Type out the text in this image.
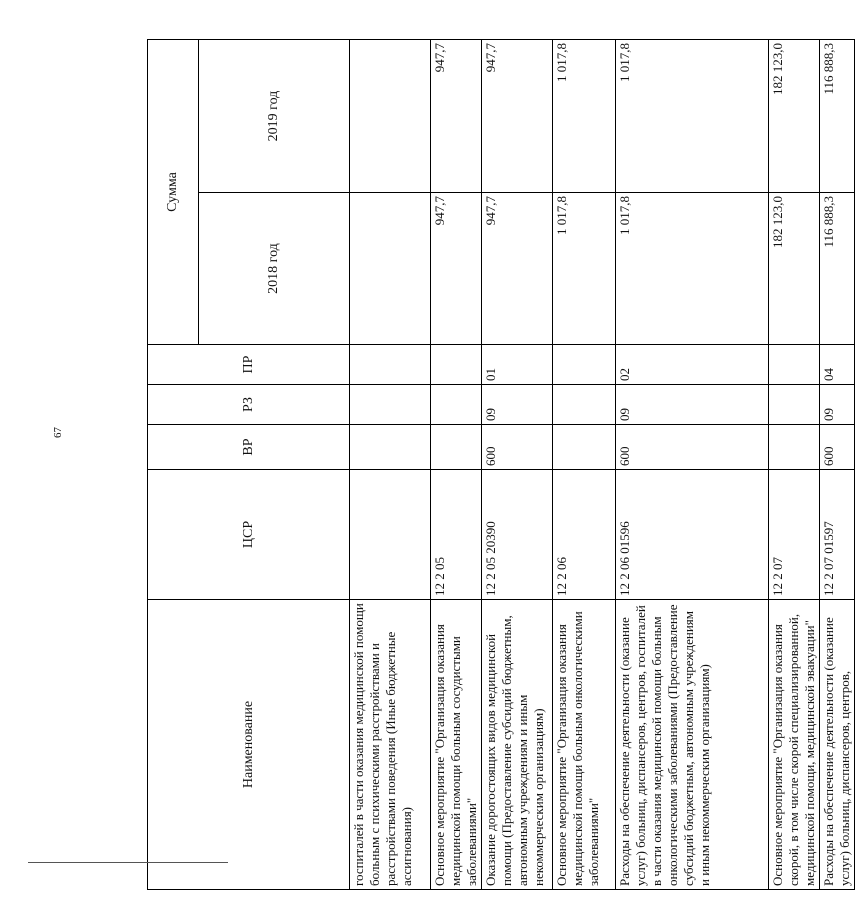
67
Наименование	ЦСР	ВР	РЗ	ПР	Сумма	
					2018 год	2019 год
госпиталей в части оказания медицинской помощи больным с психическими расстройствами и расстройствами поведения (Иные бюджетные ассигнования)						
Основное мероприятие "Организация оказания медицинской помощи больным сосудистыми заболеваниями"	12 2 05				947,7	947,7
Оказание дорогостоящих видов медицинской помощи (Предоставление субсидий бюджетным, автономным учреждениям и иным некоммерческим организациям)	12 2 05 20390	600	09	01	947,7	947,7
Основное мероприятие "Организация оказания медицинской помощи больным онкологическими заболеваниями"	12 2 06				1 017,8	1 017,8
Расходы на обеспечение деятельности (оказание услуг) больниц, диспансеров, центров, госпиталей в части оказания медицинской помощи больным онкологическими заболеваниями (Предоставление субсидий бюджетным, автономным учреждениям и иным некоммерческим организациям)	12 2 06 01596	600	09	02	1 017,8	1 017,8
Основное мероприятие "Организация оказания скорой, в том числе скорой специализированной, медицинской помощи, медицинской эвакуации"	12 2 07				182 123,0	182 123,0
Расходы на обеспечение деятельности (оказание услуг) больниц, диспансеров, центров,	12 2 07 01597	600	09	04	116 888,3	116 888,3
